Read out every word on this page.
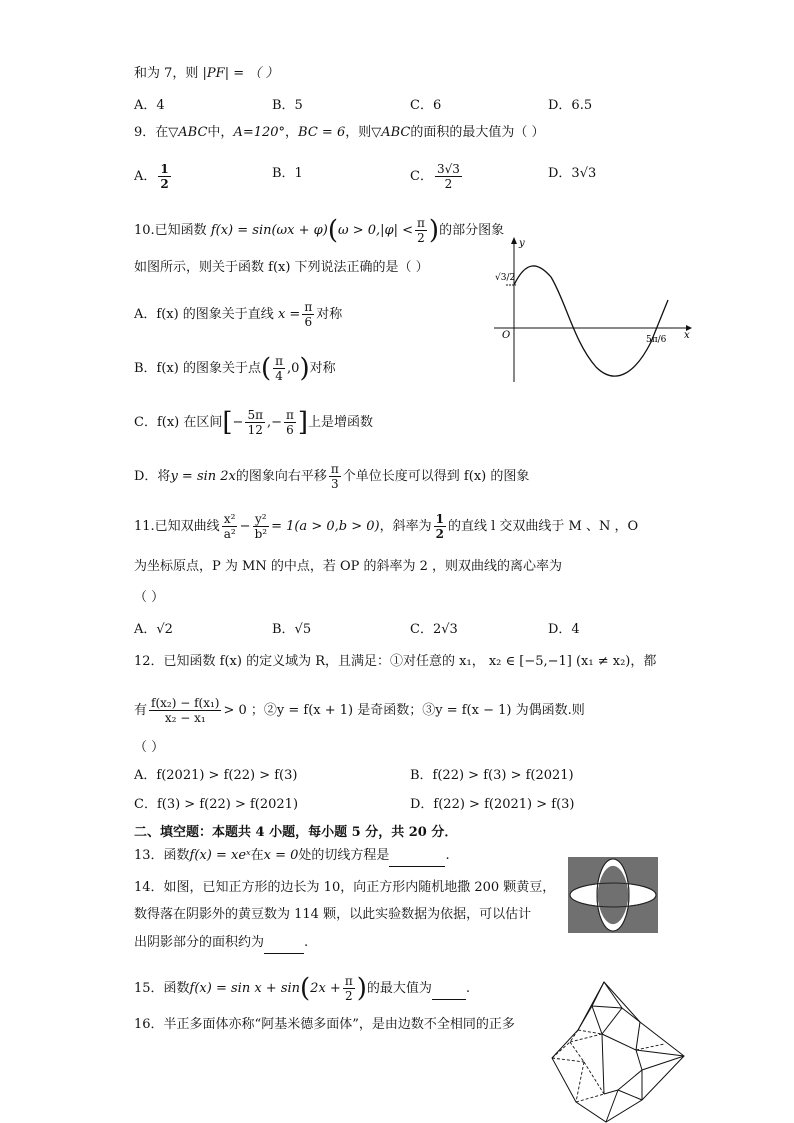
和为 7，则 |PF| = （ ）
A．4	B．5	C．6	D．6.5
9．在▽ABC中，A=120°，BC = 6，则▽ABC的面积的最大值为（ ）
A． $\frac{1}{2}$	B．1	C． $\frac{3√3}{2}$	D．3√3
10.已知函数 $f(x) = \sin(\omega x + \varphi)(\omega > 0,|\varphi| < \frac{\pi}{2}$ )的部分图象
如图所示，则关于函数 f(x) 下列说法正确的是（ ）
A．f(x) 的图象关于直线 $x = \frac{\pi}{6}$ 对称
B．f(x) 的图象关于点( $\frac{\pi}{4} ,0$)对称
C．f(x) 在区间[− $\frac{5\pi}{12}$ ,− $\frac{\pi}{6}$ ]上是增函数
D．将y = sin 2x的图象向右平移 $\frac{\pi}{3}$ 个单位长度可以得到 f(x) 的图象
y
x
O
√3/2
5π/6
11.已知双曲线 $\frac{\text{x²}}{\text{a²}} - \frac{\text{y²}}{\text{b²}} = 1(a > 0,b > 0)$，斜率为 $\frac{1}{2}$ 的直线 l 交双曲线于 M 、N ，O
为坐标原点，P 为 MN 的中点，若 OP 的斜率为 2 ，则双曲线的离心率为
（ ）
A．√2	B．√5	C．2√3	D．4
12．已知函数 f(x) 的定义域为 R，且满足：①对任意的 x₁， x₂ ∈ [−5,−1] (x₁ ≠ x₂)，都
有 $\frac{\text{f(x₂) − f(x₁)}}{\text{x₂ − x₁}} > 0$ ；②y = f(x + 1) 是奇函数；③y = f(x − 1) 为偶函数.则
（ ）
A．f(2021) > f(22) > f(3)	B．f(22) > f(3) > f(2021)
C．f(3) > f(22) > f(2021)	D．f(22) > f(2021) > f(3)
二、填空题：本题共 4 小题，每小题 5 分，共 20 分．
13．函数f(x) = xeˣ在x = 0处的切线方程是	.
14．如图，已知正方形的边长为 10，向正方形内随机地撒 200 颗黄豆，
数得落在阴影外的黄豆数为 114 颗，以此实验数据为依据，可以估计
出阴影部分的面积约为	.
15．函数$f(x) = \sin x + \sin(2x + \frac{\pi}{2}$ )的最大值为	.
16．半正多面体亦称“阿基米德多面体”，是由边数不全相同的正多
